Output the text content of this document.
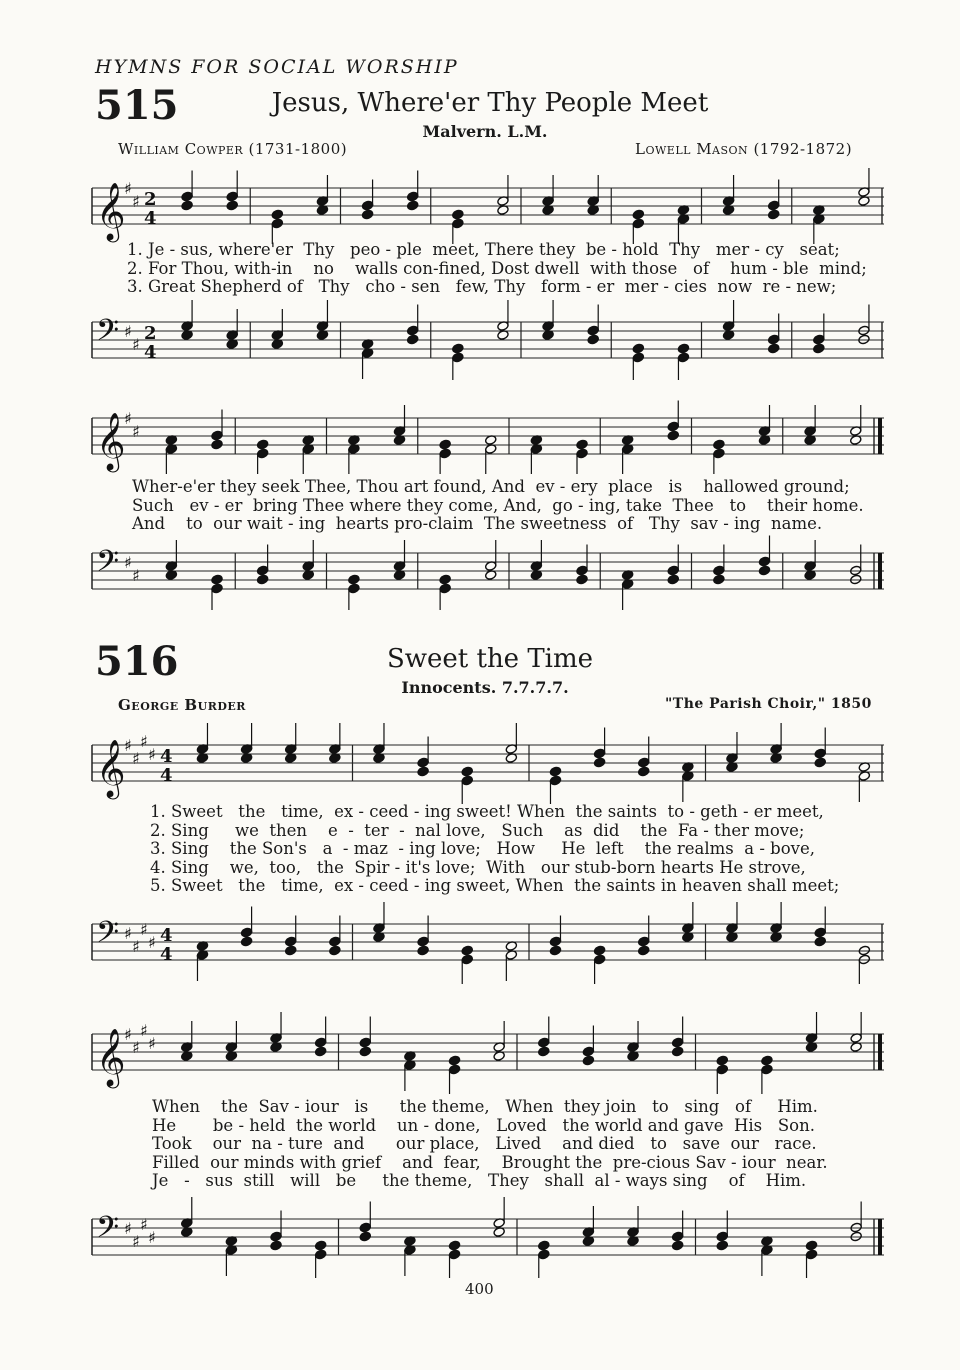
HYMNS FOR SOCIAL WORSHIP
515	Jesus, Where'er Thy People Meet
Malvern. L.M.
William Cowper (1731-1800)	Lowell Mason (1792-1872)
𝄞
♯
♯ 2
4
1. Je - sus, where'er  Thy   peo - ple  meet, There they  be - hold  Thy   mer - cy   seat;
2. For Thou, with-in    no    walls con-fined, Dost dwell  with those   of    hum - ble  mind;
3. Great Shepherd of   Thy   cho - sen   few, Thy   form - er  mer - cies  now  re - new;
𝄢 ♯
♯
2
4
𝄞
♯
♯
Wher-e'er they seek Thee, Thou art found, And  ev - ery  place   is    hallowed ground;
Such   ev - er  bring Thee where they come, And,  go - ing, take  Thee   to    their home.
And    to  our wait - ing  hearts pro-claim  The sweetness  of   Thy  sav - ing  name.
𝄢 ♯
♯
516	Sweet the Time
Innocents. 7.7.7.7.
George Burder	"The Parish Choir," 1850
𝄞
♯
♯
♯
♯ 4
4
1. Sweet   the   time,  ex - ceed - ing sweet! When  the saints  to - geth - er meet,
2. Sing     we  then    e  -  ter  -  nal love,   Such    as  did    the  Fa - ther move;
3. Sing    the Son's   a  - maz  - ing love;   How     He  left    the realms  a - bove,
4. Sing    we,  too,   the  Spir - it's love;  With   our stub-born hearts He strove,
5. Sweet   the   time,  ex - ceed - ing sweet, When  the saints in heaven shall meet;
𝄢 ♯
♯
♯
♯ 4
4
𝄞
♯
♯
♯
♯
When    the  Sav - iour   is      the theme,   When  they join   to   sing   of     Him.
He       be - held  the world    un - done,   Loved   the world and gave  His   Son.
Took    our  na - ture  and      our place,   Lived    and died   to   save  our   race.
Filled  our minds with grief    and  fear,    Brought the  pre-cious Sav - iour  near.
Je   -   sus  still   will   be     the theme,   They   shall  al - ways sing    of    Him.
𝄢 ♯
♯
♯
♯
400
